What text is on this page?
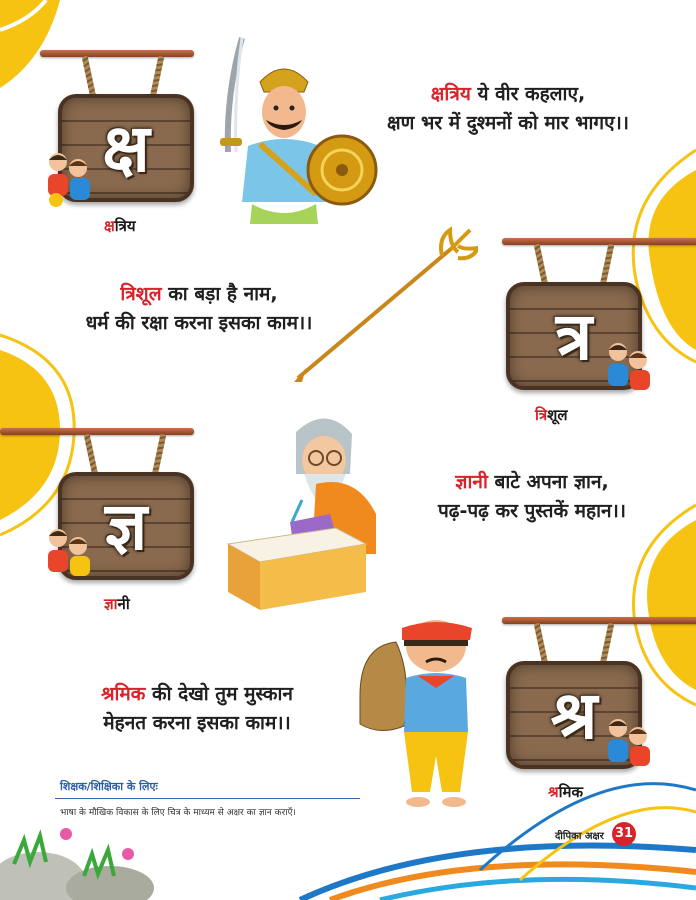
क्ष
क्षत्रिय
क्षत्रिय ये वीर कहलाए,
क्षण भर में दुश्मनों को मार भागए।।
त्र
त्रिशूल
त्रिशूल का बड़ा है नाम,
धर्म की रक्षा करना इसका काम।।
ज्ञ
ज्ञानी
ज्ञानी बाटे अपना ज्ञान,
पढ़-पढ़ कर पुस्तकें महान।।
श्र
श्रमिक
श्रमिक की देखो तुम मुस्कान
मेहनत करना इसका काम।।
शिक्षक/शिक्षिका के लिएः
भाषा के मौखिक विकास के लिए चित्र के माध्यम से अक्षर का ज्ञान कराएँ।
दीपिका अक्षर 31
